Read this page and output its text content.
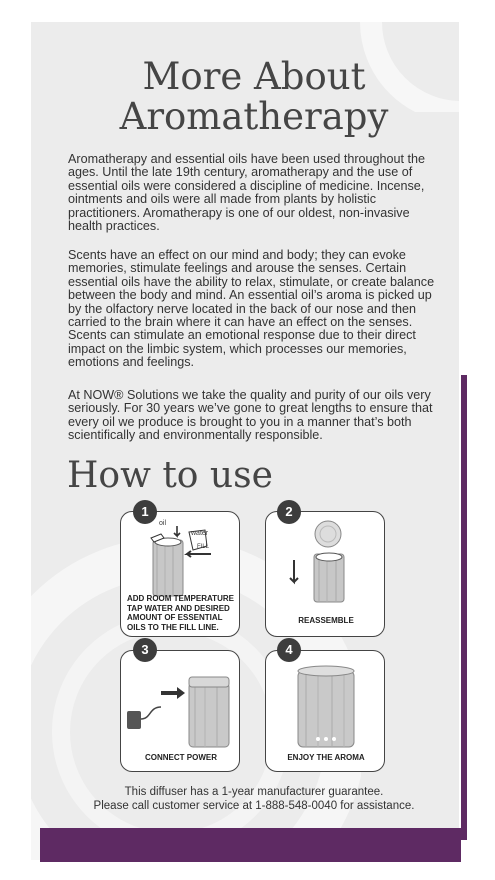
More About
Aromatherapy

Aromatherapy and essential oils have been used throughout the ages. Until the late 19th century, aromatherapy and the use of essential oils were considered a discipline of medicine. Incense, ointments and oils were all made from plants by holistic practitioners. Aromatherapy is one of our oldest, non-invasive health practices.

Scents have an effect on our mind and body; they can evoke memories, stimulate feelings and arouse the senses. Certain essential oils have the ability to relax, stimulate, or create balance between the body and mind. An essential oil’s aroma is picked up by the olfactory nerve located in the back of our nose and then carried to the brain where it can have an effect on the senses. Scents can stimulate an emotional response due to their direct impact on the limbic system, which processes our memories, emotions and feelings.

At NOW® Solutions we take the quality and purity of our oils very seriously. For 30 years we’ve gone to great lengths to ensure that every oil we produce is brought to you in a manner that’s both scientifically and environmentally responsible.

How to use
oil
water
FILL
ADD ROOM TEMPERATURE
TAP WATER AND DESIRED
AMOUNT OF ESSENTIAL
OILS TO THE FILL LINE.
1
REASSEMBLE
2
CONNECT POWER
3
ENJOY THE AROMA
4
This diffuser has a 1-year manufacturer guarantee.
Please call customer service at 1-888-548-0040 for assistance.
